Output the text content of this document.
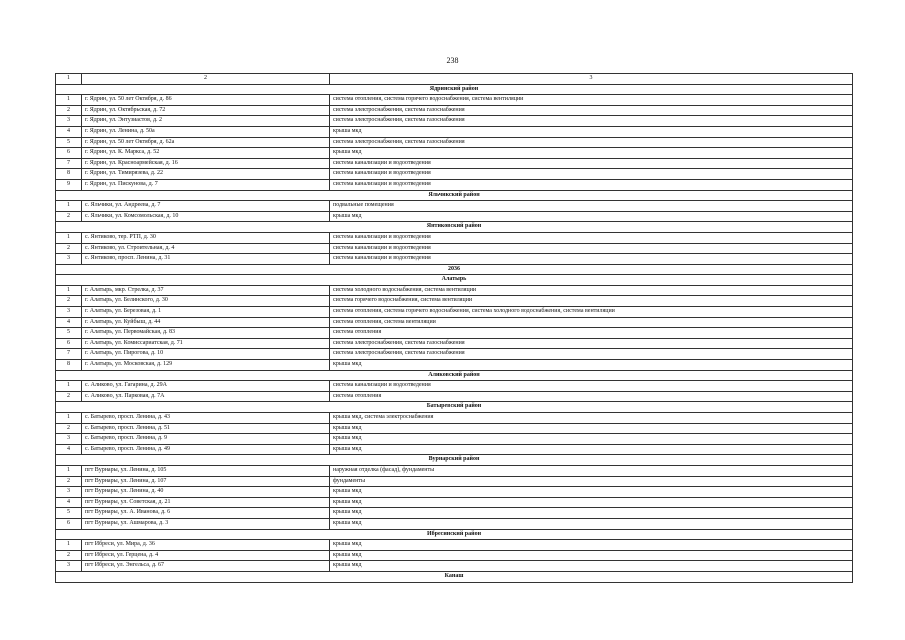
238
1	2	3
Ядринский район		
1	г. Ядрин, ул. 50 лет Октября, д. 86	система отопления, система горячего водоснабжения, система вентиляции
2	г. Ядрин, ул. Октябрьская, д. 72	система электроснабжения, система газоснабжения
3	г. Ядрин, ул. Энтузиастов, д. 2	система электроснабжения, система газоснабжения
4	г. Ядрин, ул. Ленина, д. 50а	крыша мкд
5	г. Ядрин, ул. 50 лет Октября, д. 62а	система электроснабжения, система газоснабжения
6	г. Ядрин, ул. К. Маркса, д. 52	крыша мкд
7	г. Ядрин, ул. Красноармейская, д. 16	система канализации и водоотведения
8	г. Ядрин, ул. Тимирязева, д. 22	система канализации и водоотведения
9	г. Ядрин, ул. Пискунова, д. 7	система канализации и водоотведения
Яльчикский район		
1	с. Яльчики, ул. Андреева, д. 7	подвальные помещения
2	с. Яльчики, ул. Комсомольская, д. 10	крыша мкд
Янтиковский район		
1	с. Янтиково, тер. РТП, д. 30	система канализации и водоотведения
2	с. Янтиково, ул. Строительная, д. 4	система канализации и водоотведения
3	с. Янтиково, просп. Ленина, д. 31	система канализации и водоотведения
2036		
Алатырь		
1	г. Алатырь, мкр. Стрелка, д. 37	система холодного водоснабжения, система вентиляции
2	г. Алатырь, ул. Белинского, д. 30	система горячего водоснабжения, система вентиляции
3	г. Алатырь, ул. Березовая, д. 1	система отопления, система горячего водоснабжения, система холодного водоснабжения, система вентиляции
4	г. Алатырь, ул. Куйбыш, д. 44	система отопления, система вентиляции
5	г. Алатырь, ул. Первомайская, д. 83	система отопления
6	г. Алатырь, ул. Комиссариатская, д. 71	система электроснабжения, система газоснабжения
7	г. Алатырь, ул. Пирогова, д. 10	система электроснабжения, система газоснабжения
8	г. Алатырь, ул. Московская, д. 129	крыша мкд
Аликовский район		
1	с. Аликово, ул. Гагарина, д. 29А	система канализации и водоотведения
2	с. Аликово, ул. Парковая, д. 7А	система отопления
Батыревский район		
1	с. Батырево, просп. Ленина, д. 43	крыша мкд, система электроснабжения
2	с. Батырево, просп. Ленина, д. 51	крыша мкд
3	с. Батырево, просп. Ленина, д. 9	крыша мкд
4	с. Батырево, просп. Ленина, д. 49	крыша мкд
Вурнарский район		
1	пгт Вурнары, ул. Ленина, д. 105	наружная отделка (фасад), фундаменты
2	пгт Вурнары, ул. Ленина, д. 107	фундаменты
3	пгт Вурнары, ул. Ленина, д. 40	крыша мкд
4	пгт Вурнары, ул. Советская, д. 21	крыша мкд
5	пгт Вурнары, ул. А. Иванова, д. 6	крыша мкд
6	пгт Вурнары, ул. Ашмарова, д. 3	крыша мкд
Ибресинский район		
1	пгт Ибреси, ул. Мира, д. 36	крыша мкд
2	пгт Ибреси, ул. Герцена, д. 4	крыша мкд
3	пгт Ибреси, ул. Энгельса, д. 67	крыша мкд
Канаш		
